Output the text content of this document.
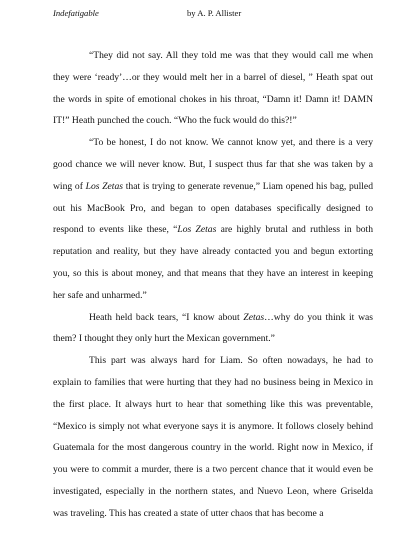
Indefatigable	by A. P. Allister

“They did not say. All they told me was that they would call me when they were ‘ready’…or they would melt her in a barrel of diesel, ” Heath spat out the words in spite of emotional chokes in his throat, “Damn it! Damn it! DAMN IT!” Heath punched the couch. “Who the fuck would do this?!”

“To be honest, I do not know. We cannot know yet, and there is a very good chance we will never know. But, I suspect thus far that she was taken by a wing of Los Zetas that is trying to generate revenue,” Liam opened his bag, pulled out his MacBook Pro, and began to open databases specifically designed to respond to events like these, “Los Zetas are highly brutal and ruthless in both reputation and reality, but they have already contacted you and begun extorting you, so this is about money, and that means that they have an interest in keeping her safe and unharmed.”

Heath held back tears, “I know about Zetas…why do you think it was them? I thought they only hurt the Mexican government.”

This part was always hard for Liam. So often nowadays, he had to explain to families that were hurting that they had no business being in Mexico in the first place. It always hurt to hear that something like this was preventable, “Mexico is simply not what everyone says it is anymore. It follows closely behind Guatemala for the most dangerous country in the world. Right now in Mexico, if you were to commit a murder, there is a two percent chance that it would even be investigated, especially in the northern states, and Nuevo Leon, where Griselda was traveling. This has created a state of utter chaos that has become a
